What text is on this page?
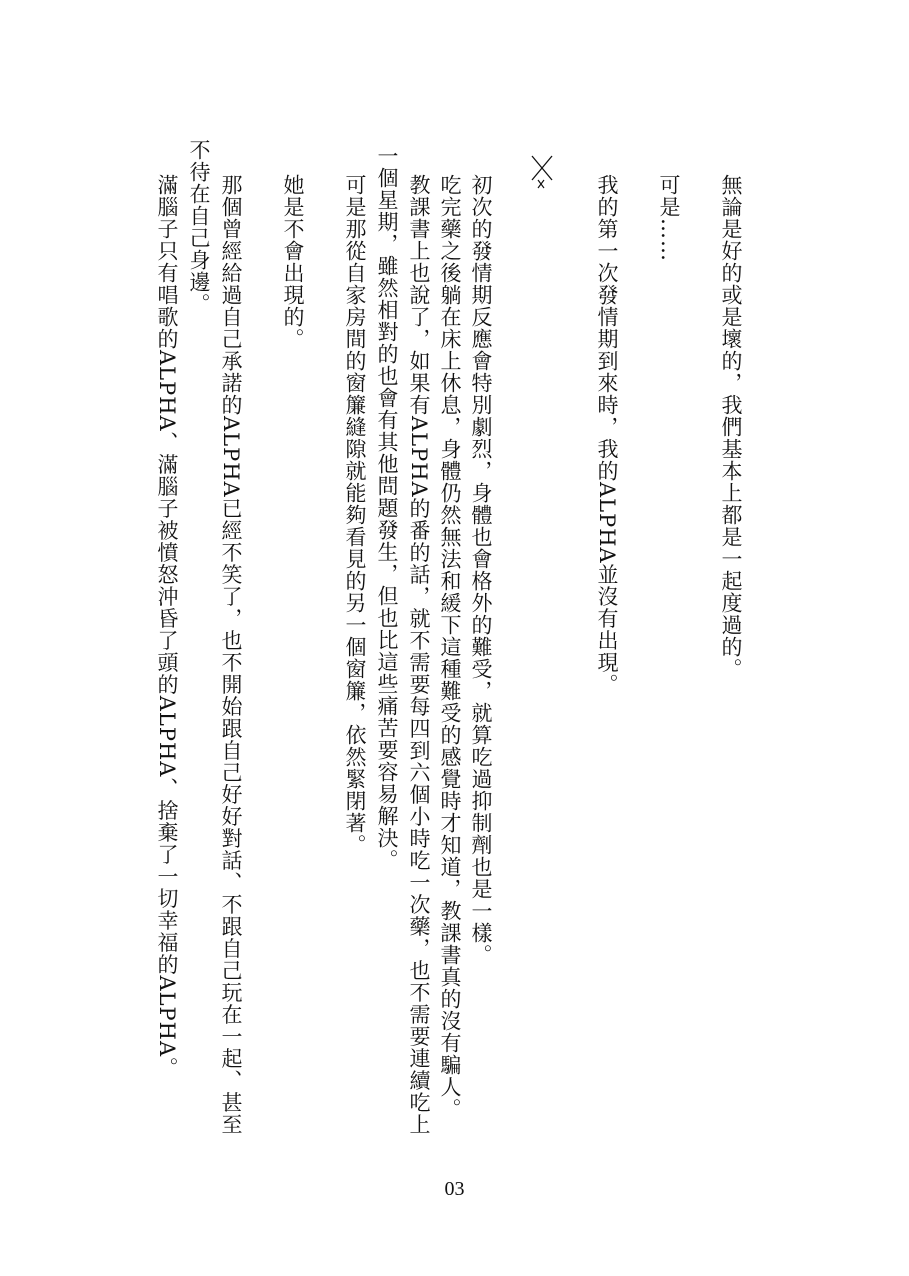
無論是好的或是壞的，我們基本上都是一起度過的。

可是……

我的第一次發情期到來時，我的ALPHA並沒有出現。

初次的發情期反應會特別劇烈，身體也會格外的難受，就算吃過抑制劑也是一樣。

吃完藥之後躺在床上休息，身體仍然無法和緩下這種難受的感覺時才知道，教課書真的沒有騙人。

教課書上也說了，如果有ALPHA的番的話，就不需要每四到六個小時吃一次藥，也不需要連續吃上

一個星期，雖然相對的也會有其他問題發生，但也比這些痛苦要容易解決。

可是那從自家房間的窗簾縫隙就能夠看見的另一個窗簾，依然緊閉著。

她是不會出現的。

那個曾經給過自己承諾的ALPHA已經不笑了，也不開始跟自己好好對話、不跟自己玩在一起、甚至

不待在自己身邊。

滿腦子只有唱歌的ALPHA、滿腦子被憤怒沖昏了頭的ALPHA、捨棄了一切幸福的ALPHA。

03
